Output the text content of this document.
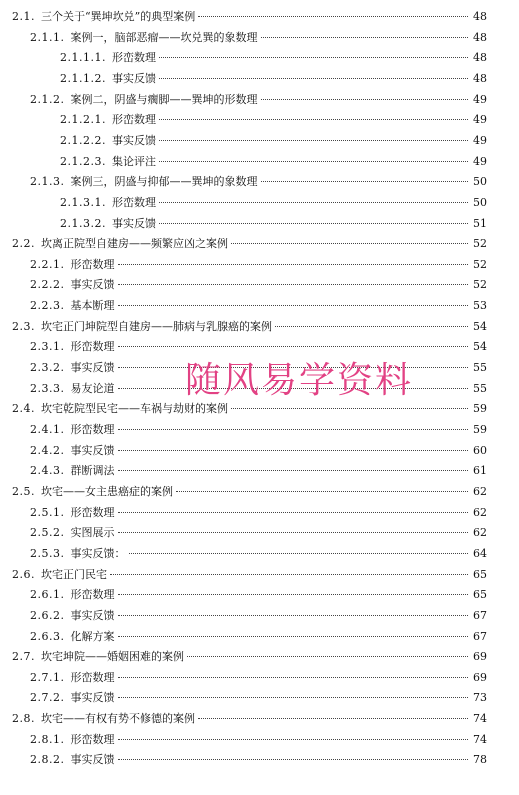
2.1. 三个关于“巽坤坎兑”的典型案例	48
2.1.1. 案例一，脑部恶瘤——坎兑巽的象数理	48
2.1.1.1. 形峦数理	48
2.1.1.2. 事实反馈	48
2.1.2. 案例二，阴盛与瘸脚——巽坤的形数理	49
2.1.2.1. 形峦数理	49
2.1.2.2. 事实反馈	49
2.1.2.3. 集论评注	49
2.1.3. 案例三，阴盛与抑郁——巽坤的象数理	50
2.1.3.1. 形峦数理	50
2.1.3.2. 事实反馈	51
2.2. 坎离正院型自建房——频繁应凶之案例	52
2.2.1. 形峦数理	52
2.2.2. 事实反馈	52
2.2.3. 基本断理	53
2.3. 坎宅正门坤院型自建房——肺病与乳腺癌的案例	54
2.3.1. 形峦数理	54
2.3.2. 事实反馈	55
2.3.3. 易友论道	55
2.4. 坎宅乾院型民宅——车祸与劫财的案例	59
2.4.1. 形峦数理	59
2.4.2. 事实反馈	60
2.4.3. 群断调法	61
2.5. 坎宅——女主患癌症的案例	62
2.5.1. 形峦数理	62
2.5.2. 实图展示	62
2.5.3. 事实反馈：	64
2.6. 坎宅正门民宅	65
2.6.1. 形峦数理	65
2.6.2. 事实反馈	67
2.6.3. 化解方案	67
2.7. 坎宅坤院——婚姻困难的案例	69
2.7.1. 形峦数理	69
2.7.2. 事实反馈	73
2.8. 坎宅——有权有势不修德的案例	74
2.8.1. 形峦数理	74
2.8.2. 事实反馈	78
随风易学资料
